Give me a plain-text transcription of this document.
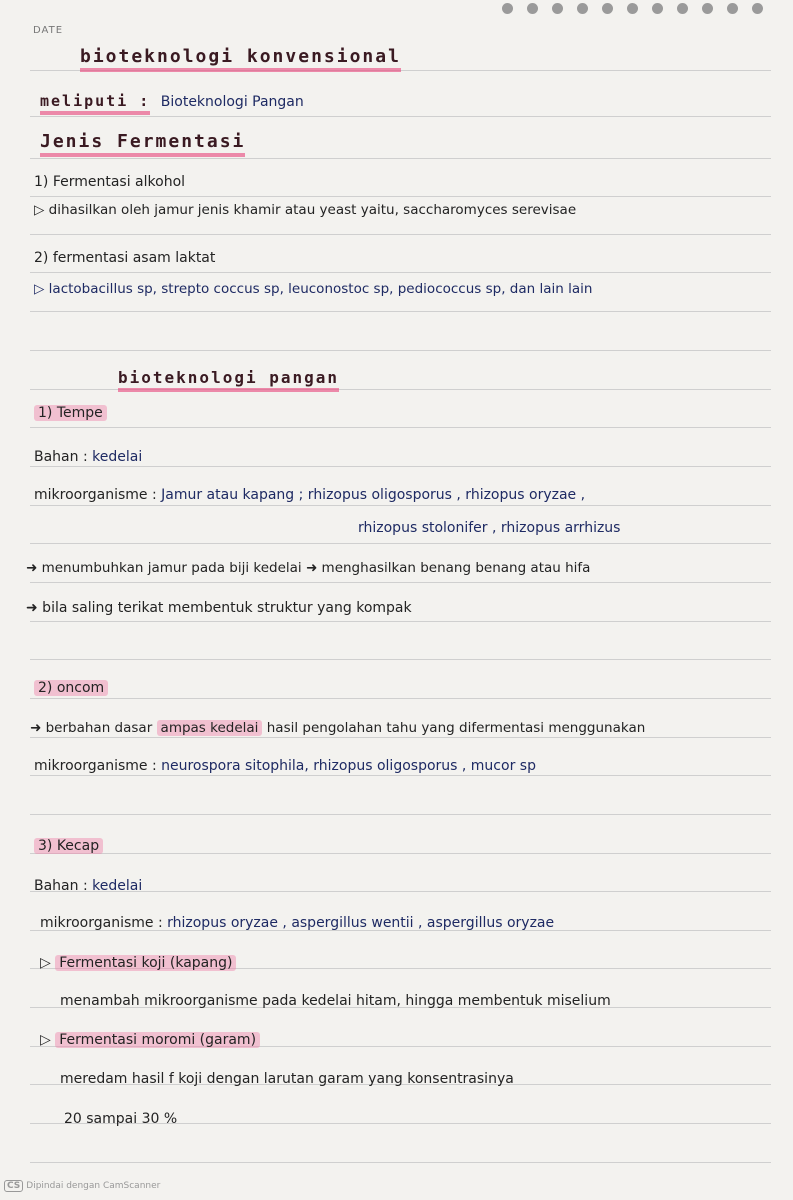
DATE
bioteknologi konvensional
meliputi : Bioteknologi Pangan
Jenis Fermentasi
1) Fermentasi alkohol
▷ dihasilkan oleh jamur jenis khamir atau yeast yaitu, saccharomyces serevisae
2) fermentasi asam laktat
▷ lactobacillus sp, strepto coccus sp, leuconostoc sp, pediococcus sp, dan lain lain
bioteknologi pangan
1) Tempe
Bahan : kedelai
mikroorganisme : Jamur atau kapang ; rhizopus oligosporus , rhizopus oryzae ,
rhizopus stolonifer , rhizopus arrhizus
➜ menumbuhkan jamur pada biji kedelai ➜ menghasilkan benang benang atau hifa
➜ bila saling terikat membentuk struktur yang kompak
2) oncom
➜ berbahan dasar ampas kedelai hasil pengolahan tahu yang difermentasi menggunakan
mikroorganisme : neurospora sitophila, rhizopus oligosporus , mucor sp
3) Kecap
Bahan : kedelai
mikroorganisme : rhizopus oryzae , aspergillus wentii , aspergillus oryzae
▷ Fermentasi koji (kapang)
menambah mikroorganisme pada kedelai hitam, hingga membentuk miselium
▷ Fermentasi moromi (garam)
meredam hasil f koji dengan larutan garam yang konsentrasinya
20 sampai 30 %
CS Dipindai dengan CamScanner
